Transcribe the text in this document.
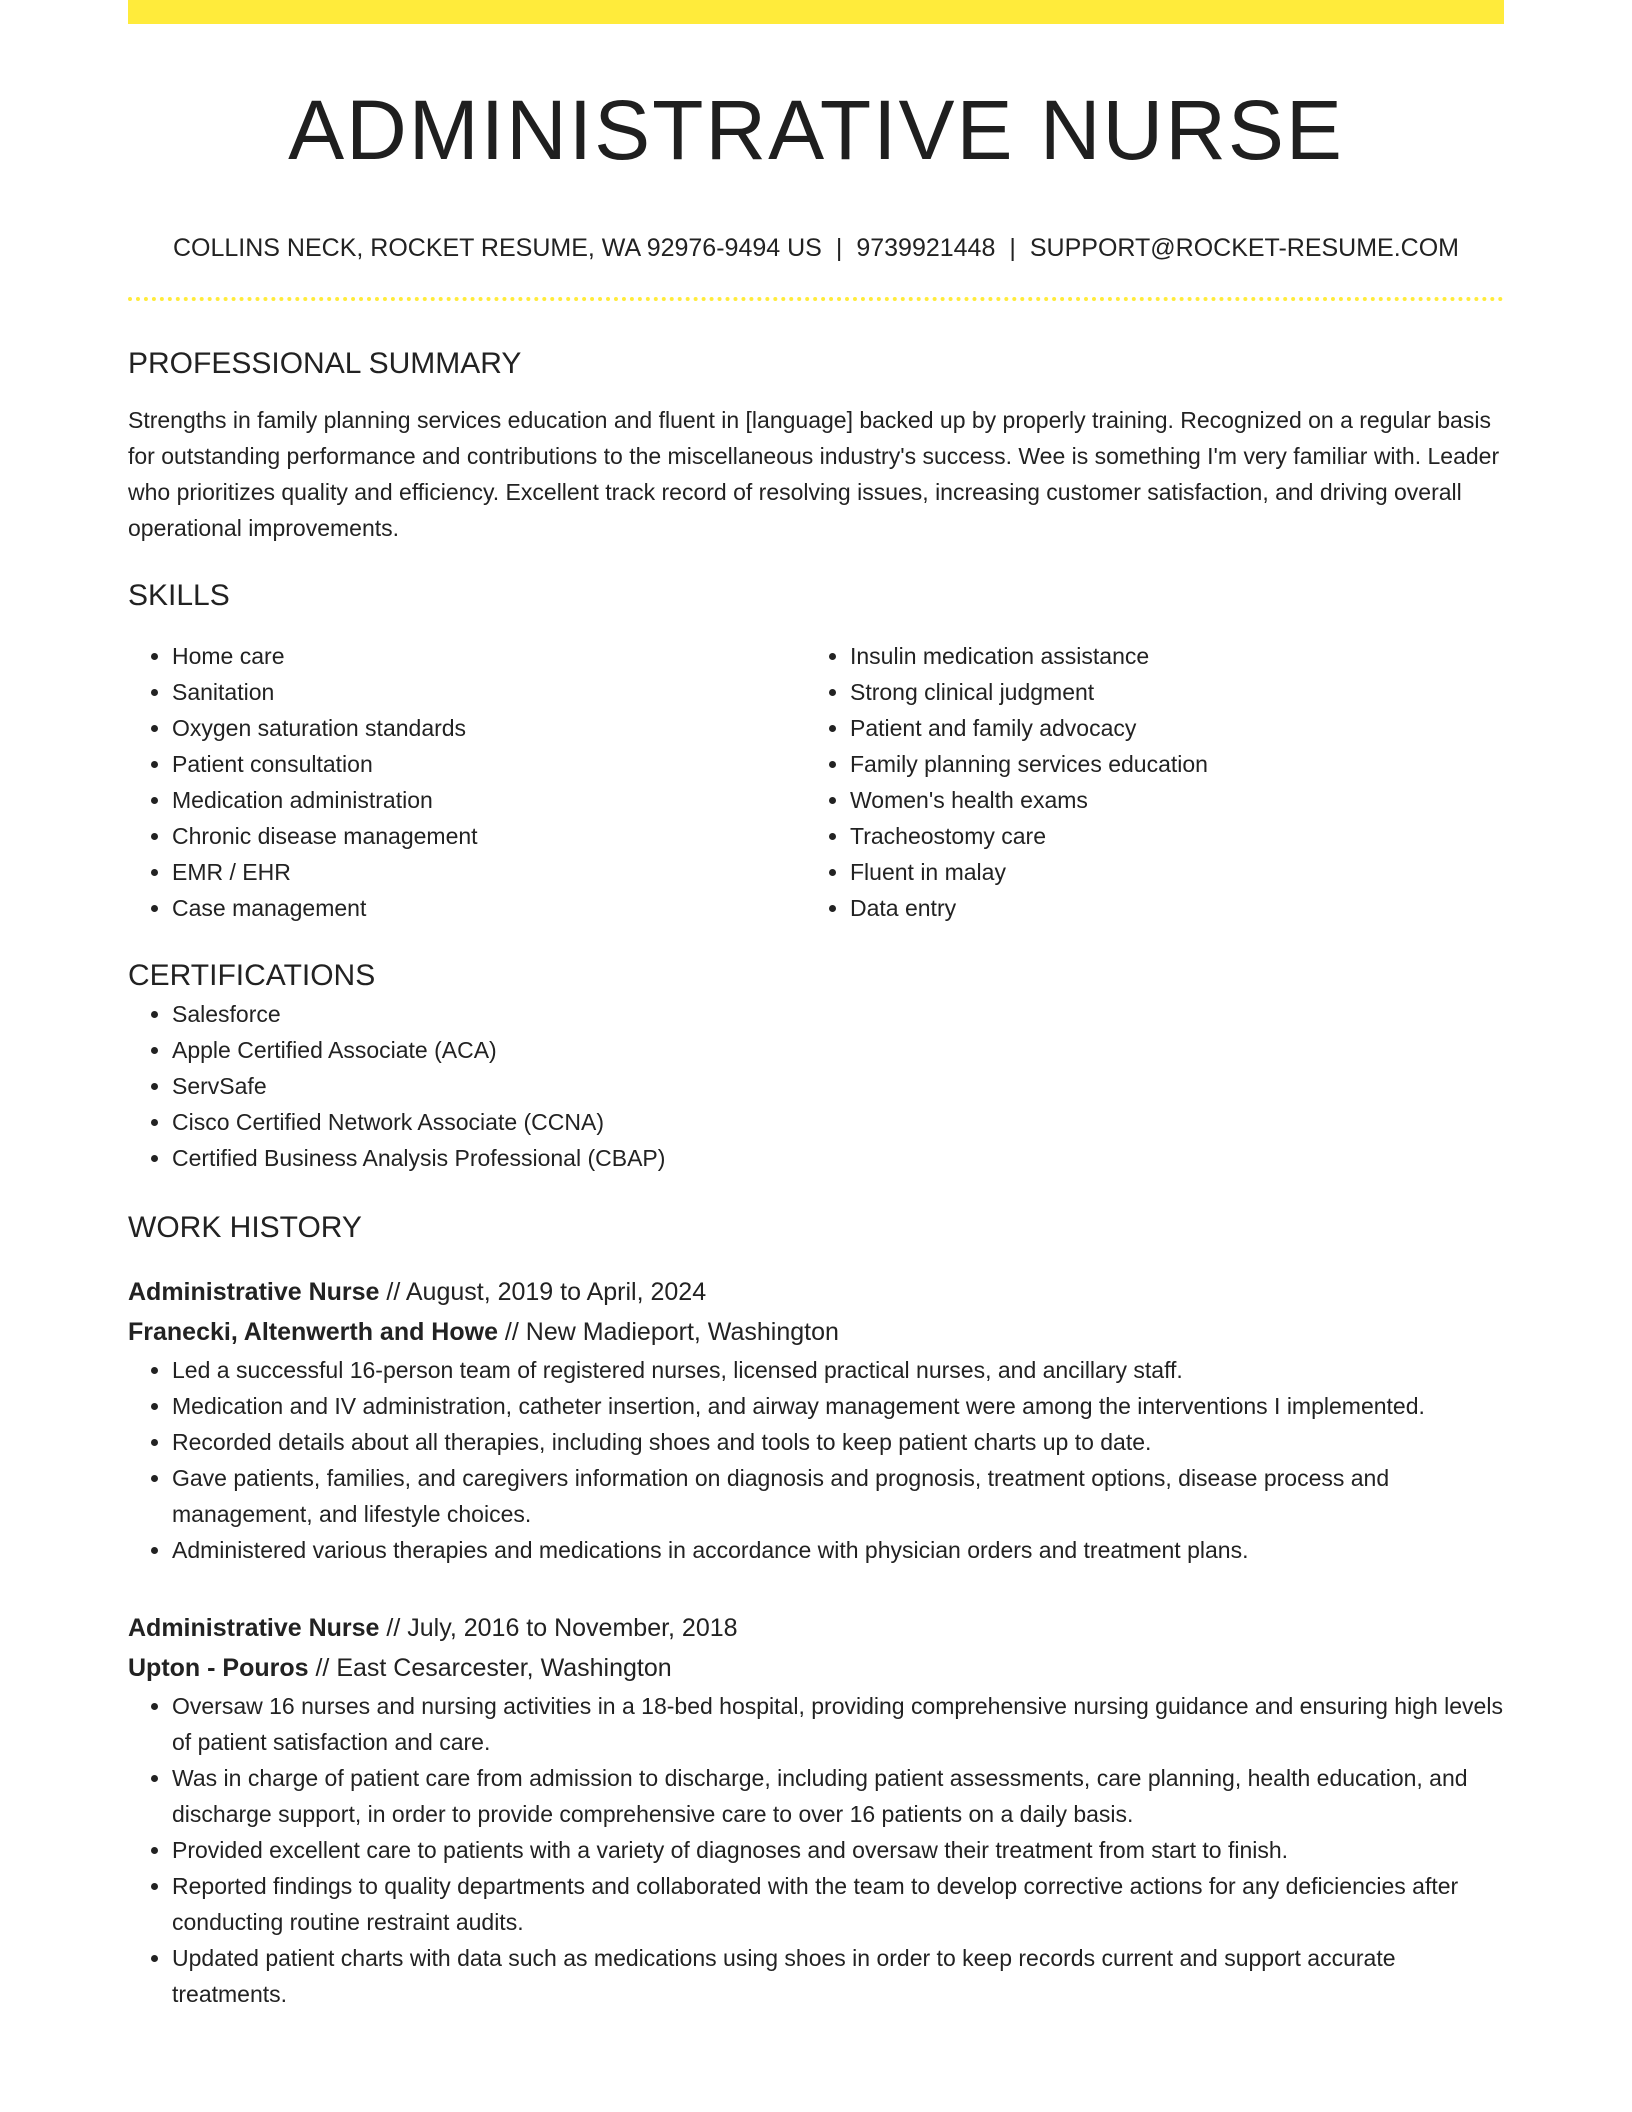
ADMINISTRATIVE NURSE
COLLINS NECK, ROCKET RESUME, WA 92976-9494 US | 9739921448 | SUPPORT@ROCKET-RESUME.COM
PROFESSIONAL SUMMARY

Strengths in family planning services education and fluent in [language] backed up by properly training. Recognized on a regular basis for outstanding performance and contributions to the miscellaneous industry's success. Wee is something I'm very familiar with. Leader who prioritizes quality and efficiency. Excellent track record of resolving issues, increasing customer satisfaction, and driving overall operational improvements.

SKILLS
• Home care
• Sanitation
• Oxygen saturation standards
• Patient consultation
• Medication administration
• Chronic disease management
• EMR / EHR
• Case management
• Insulin medication assistance
• Strong clinical judgment
• Patient and family advocacy
• Family planning services education
• Women's health exams
• Tracheostomy care
• Fluent in malay
• Data entry
CERTIFICATIONS
• Salesforce
• Apple Certified Associate (ACA)
• ServSafe
• Cisco Certified Network Associate (CCNA)
• Certified Business Analysis Professional (CBAP)
WORK HISTORY
Administrative Nurse // August, 2019 to April, 2024
Franecki, Altenwerth and Howe // New Madieport, Washington
• Led a successful 16-person team of registered nurses, licensed practical nurses, and ancillary staff.
• Medication and IV administration, catheter insertion, and airway management were among the interventions I implemented.
• Recorded details about all therapies, including shoes and tools to keep patient charts up to date.
• Gave patients, families, and caregivers information on diagnosis and prognosis, treatment options, disease process and management, and lifestyle choices.
• Administered various therapies and medications in accordance with physician orders and treatment plans.
Administrative Nurse // July, 2016 to November, 2018
Upton - Pouros // East Cesarcester, Washington
• Oversaw 16 nurses and nursing activities in a 18-bed hospital, providing comprehensive nursing guidance and ensuring high levels of patient satisfaction and care.
• Was in charge of patient care from admission to discharge, including patient assessments, care planning, health education, and discharge support, in order to provide comprehensive care to over 16 patients on a daily basis.
• Provided excellent care to patients with a variety of diagnoses and oversaw their treatment from start to finish.
• Reported findings to quality departments and collaborated with the team to develop corrective actions for any deficiencies after conducting routine restraint audits.
• Updated patient charts with data such as medications using shoes in order to keep records current and support accurate treatments.
